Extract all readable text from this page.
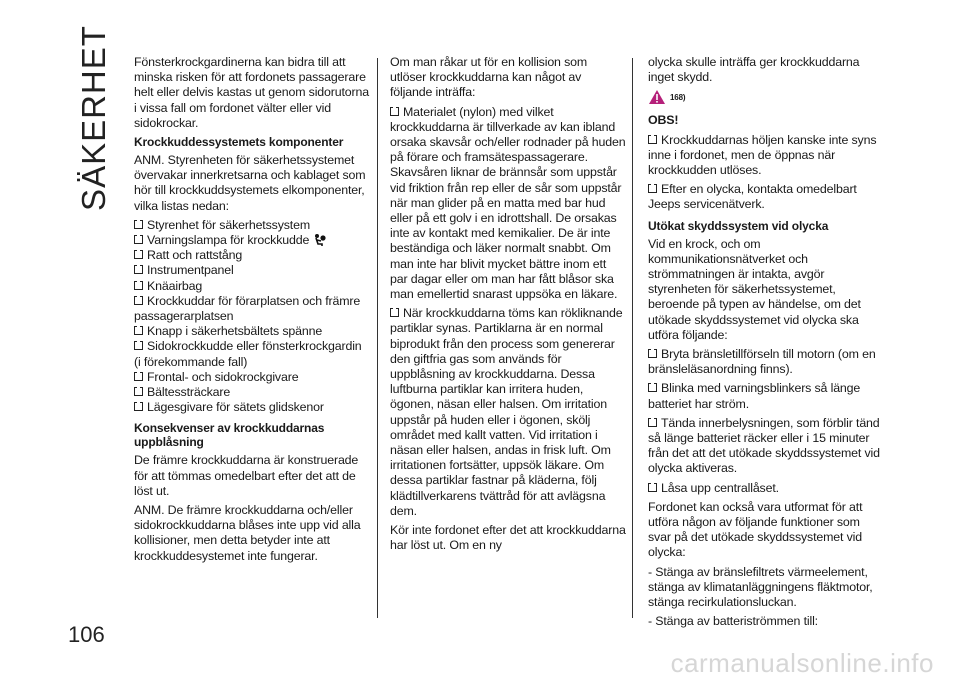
SÄKERHET
106

Fönsterkrockgardinerna kan bidra till att minska risken för att fordonets passagerare helt eller delvis kastas ut genom sidorutorna i vissa fall om fordonet välter eller vid sidokrockar.

Krockkuddessystemets komponenter

ANM. Styrenheten för säkerhetssystemet övervakar innerkretsarna och kablaget som hör till krockkuddsystemets elkomponenter, vilka listas nedan:

Styrenhet för säkerhetssystem
Varningslampa för krockkudde
Ratt och rattstång
Instrumentpanel
Knäairbag
Krockkuddar för förarplatsen och främre passagerarplatsen
Knapp i säkerhetsbältets spänne
Sidokrockkudde eller fönsterkrockgardin (i förekommande fall)
Frontal- och sidokrockgivare
Bältessträckare
Lägesgivare för sätets glidskenor

Konsekvenser av krockkuddarnas uppblåsning

De främre krockkuddarna är konstruerade för att tömmas omedelbart efter det att de löst ut.

ANM. De främre krockkuddarna och/eller sidokrockkuddarna blåses inte upp vid alla kollisioner, men detta betyder inte att krockkuddesystemet inte fungerar.

Om man råkar ut för en kollision som utlöser krockkuddarna kan något av följande inträffa:

Materialet (nylon) med vilket krockkuddarna är tillverkade av kan ibland orsaka skavsår och/eller rodnader på huden på förare och framsätespassagerare. Skavsåren liknar de brännsår som uppstår vid friktion från rep eller de sår som uppstår när man glider på en matta med bar hud eller på ett golv i en idrottshall. De orsakas inte av kontakt med kemikalier. De är inte beständiga och läker normalt snabbt. Om man inte har blivit mycket bättre inom ett par dagar eller om man har fått blåsor ska man emellertid snarast uppsöka en läkare.

När krockkuddarna töms kan rökliknande partiklar synas. Partiklarna är en normal biprodukt från den process som genererar den giftfria gas som används för uppblåsning av krockkuddarna. Dessa luftburna partiklar kan irritera huden, ögonen, näsan eller halsen. Om irritation uppstår på huden eller i ögonen, skölj området med kallt vatten. Vid irritation i näsan eller halsen, andas in frisk luft. Om irritationen fortsätter, uppsök läkare. Om dessa partiklar fastnar på kläderna, följ klädtillverkarens tvättråd för att avlägsna dem.

Kör inte fordonet efter det att krockkuddarna har löst ut. Om en ny

olycka skulle inträffa ger krockkuddarna inget skydd.

168)

OBS!

Krockkuddarnas höljen kanske inte syns inne i fordonet, men de öppnas när krockkudden utlöses.

Efter en olycka, kontakta omedelbart Jeeps servicenätverk.

Utökat skyddssystem vid olycka

Vid en krock, och om kommunikationsnätverket och strömmatningen är intakta, avgör styrenheten för säkerhetssystemet, beroende på typen av händelse, om det utökade skyddssystemet vid olycka ska utföra följande:

Bryta bränsletillförseln till motorn (om en bränsleläsanordning finns).

Blinka med varningsblinkers så länge batteriet har ström.

Tända innerbelysningen, som förblir tänd så länge batteriet räcker eller i 15 minuter från det att det utökade skyddssystemet vid olycka aktiveras.

Låsa upp centrallåset.

Fordonet kan också vara utformat för att utföra någon av följande funktioner som svar på det utökade skyddssystemet vid olycka:

- Stänga av bränslefiltrets värmeelement, stänga av klimatanläggningens fläktmotor, stänga recirkulationsluckan.

- Stänga av batteriströmmen till:

carmanualsonline.info
